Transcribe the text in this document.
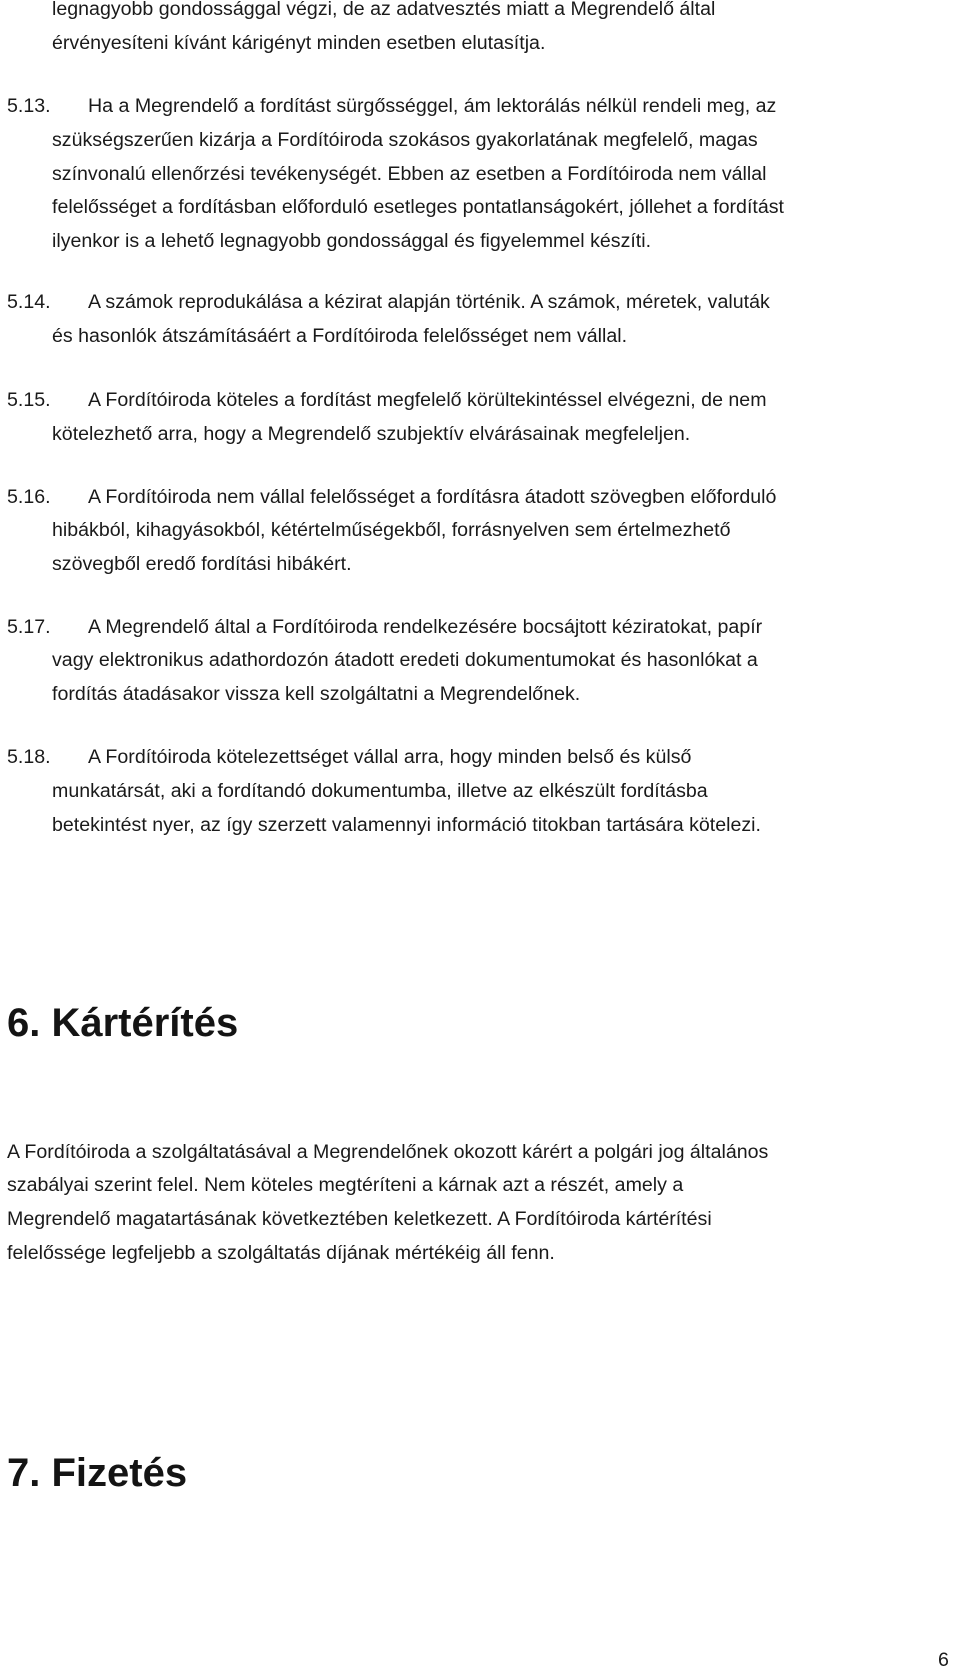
legnagyobb gondossággal végzi, de az adatvesztés miatt a Megrendelő által
érvényesíteni kívánt kárigényt minden esetben elutasítja.
5.13. Ha a Megrendelő a fordítást sürgősséggel, ám lektorálás nélkül rendeli meg, az
szükségszerűen kizárja a Fordítóiroda szokásos gyakorlatának megfelelő, magas
színvonalú ellenőrzési tevékenységét. Ebben az esetben a Fordítóiroda nem vállal
felelősséget a fordításban előforduló esetleges pontatlanságokért, jóllehet a fordítást
ilyenkor is a lehető legnagyobb gondossággal és figyelemmel készíti.
5.14. A számok reprodukálása a kézirat alapján történik. A számok, méretek, valuták
és hasonlók átszámításáért a Fordítóiroda felelősséget nem vállal.
5.15. A Fordítóiroda köteles a fordítást megfelelő körültekintéssel elvégezni, de nem
kötelezhető arra, hogy a Megrendelő szubjektív elvárásainak megfeleljen.
5.16. A Fordítóiroda nem vállal felelősséget a fordításra átadott szövegben előforduló
hibákból, kihagyásokból, kétértelműségekből, forrásnyelven sem értelmezhető
szövegből eredő fordítási hibákért.
5.17. A Megrendelő által a Fordítóiroda rendelkezésére bocsájtott kéziratokat, papír
vagy elektronikus adathordozón átadott eredeti dokumentumokat és hasonlókat a
fordítás átadásakor vissza kell szolgáltatni a Megrendelőnek.
5.18. A Fordítóiroda kötelezettséget vállal arra, hogy minden belső és külső
munkatársát, aki a fordítandó dokumentumba, illetve az elkészült fordításba
betekintést nyer, az így szerzett valamennyi információ titokban tartására kötelezi.
6. Kártérítés
A Fordítóiroda a szolgáltatásával a Megrendelőnek okozott kárért a polgári jog általános
szabályai szerint felel. Nem köteles megtéríteni a kárnak azt a részét, amely a
Megrendelő magatartásának következtében keletkezett. A Fordítóiroda kártérítési
felelőssége legfeljebb a szolgáltatás díjának mértékéig áll fenn.
7. Fizetés
6
